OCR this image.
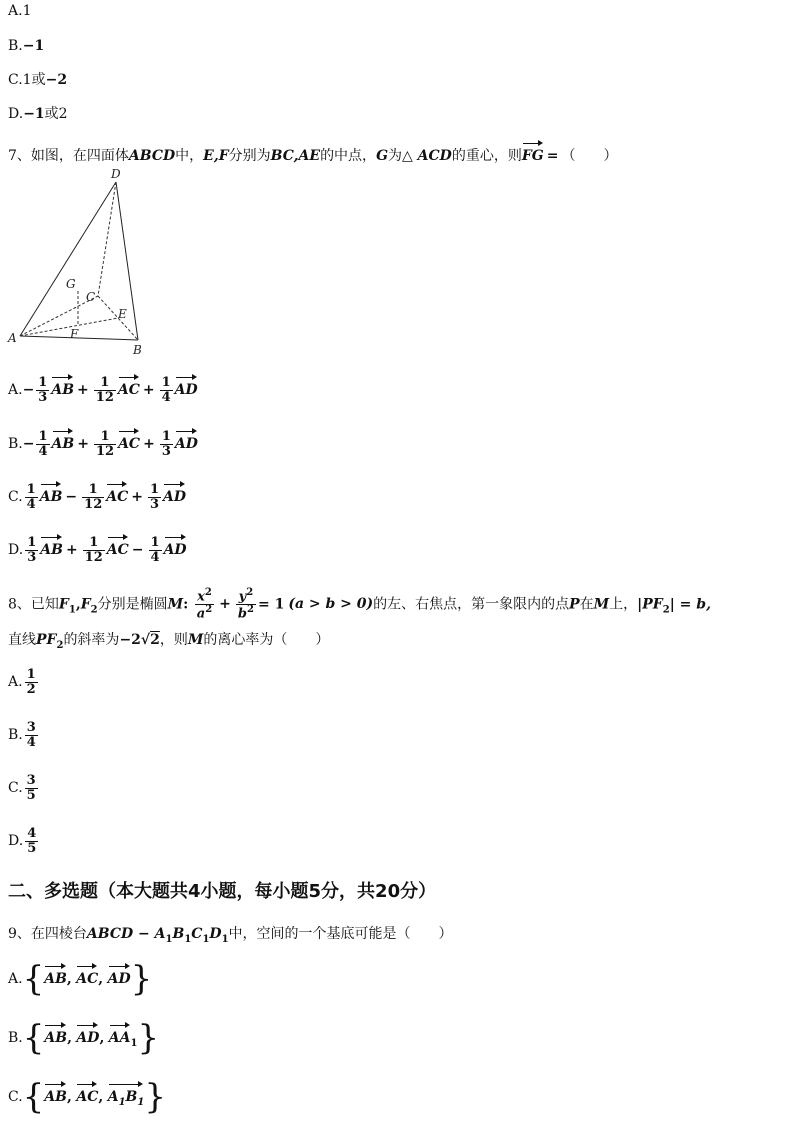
A.1
B.−1
C.1或−2
D.−1或2
7、如图，在四面体ABCD中，E,F分别为BC,AE的中点，G为△ ACD的重心，则FG = （　　）
D
G
C
E
A	F
B
$A.- \frac{1}{3}$ AB + $\frac{1}{12}$ AC + $\frac{1}{4}$ AD
$B.- \frac{1}{4}$ AB + $\frac{1}{12}$ AC + $\frac{1}{3}$ AD
C. $\frac{1}{4}$ AB − $\frac{1}{12}$ AC + $\frac{1}{3}$ AD
D. $\frac{1}{3}$ AB + $\frac{1}{12}$ AC − $\frac{1}{4}$ AD
8、已知$F_1,F_2$分别是椭圆M: $\frac{x^2}{a^2} + \frac{y^2}{b^2} = 1$ (a > b > 0)的左、右焦点，第一象限内的点P在M上，$|PF_2| = b$,
直线$PF_2$的斜率为−2√2，则M的离心率为（　　）
A. $\frac{1}{2}$
B. $\frac{3}{4}$
C. $\frac{3}{5}$
D. $\frac{4}{5}$
二、多选题（本大题共4小题，每小题5分，共20分）
9、在四棱台ABCD − $A_1B_1C_1D_1$中，空间的一个基底可能是（　　）
A.{AB, AC, AD}
B.{AB, AD, $AA_1$}
C.{AB, AC, $A_1B_1$}
